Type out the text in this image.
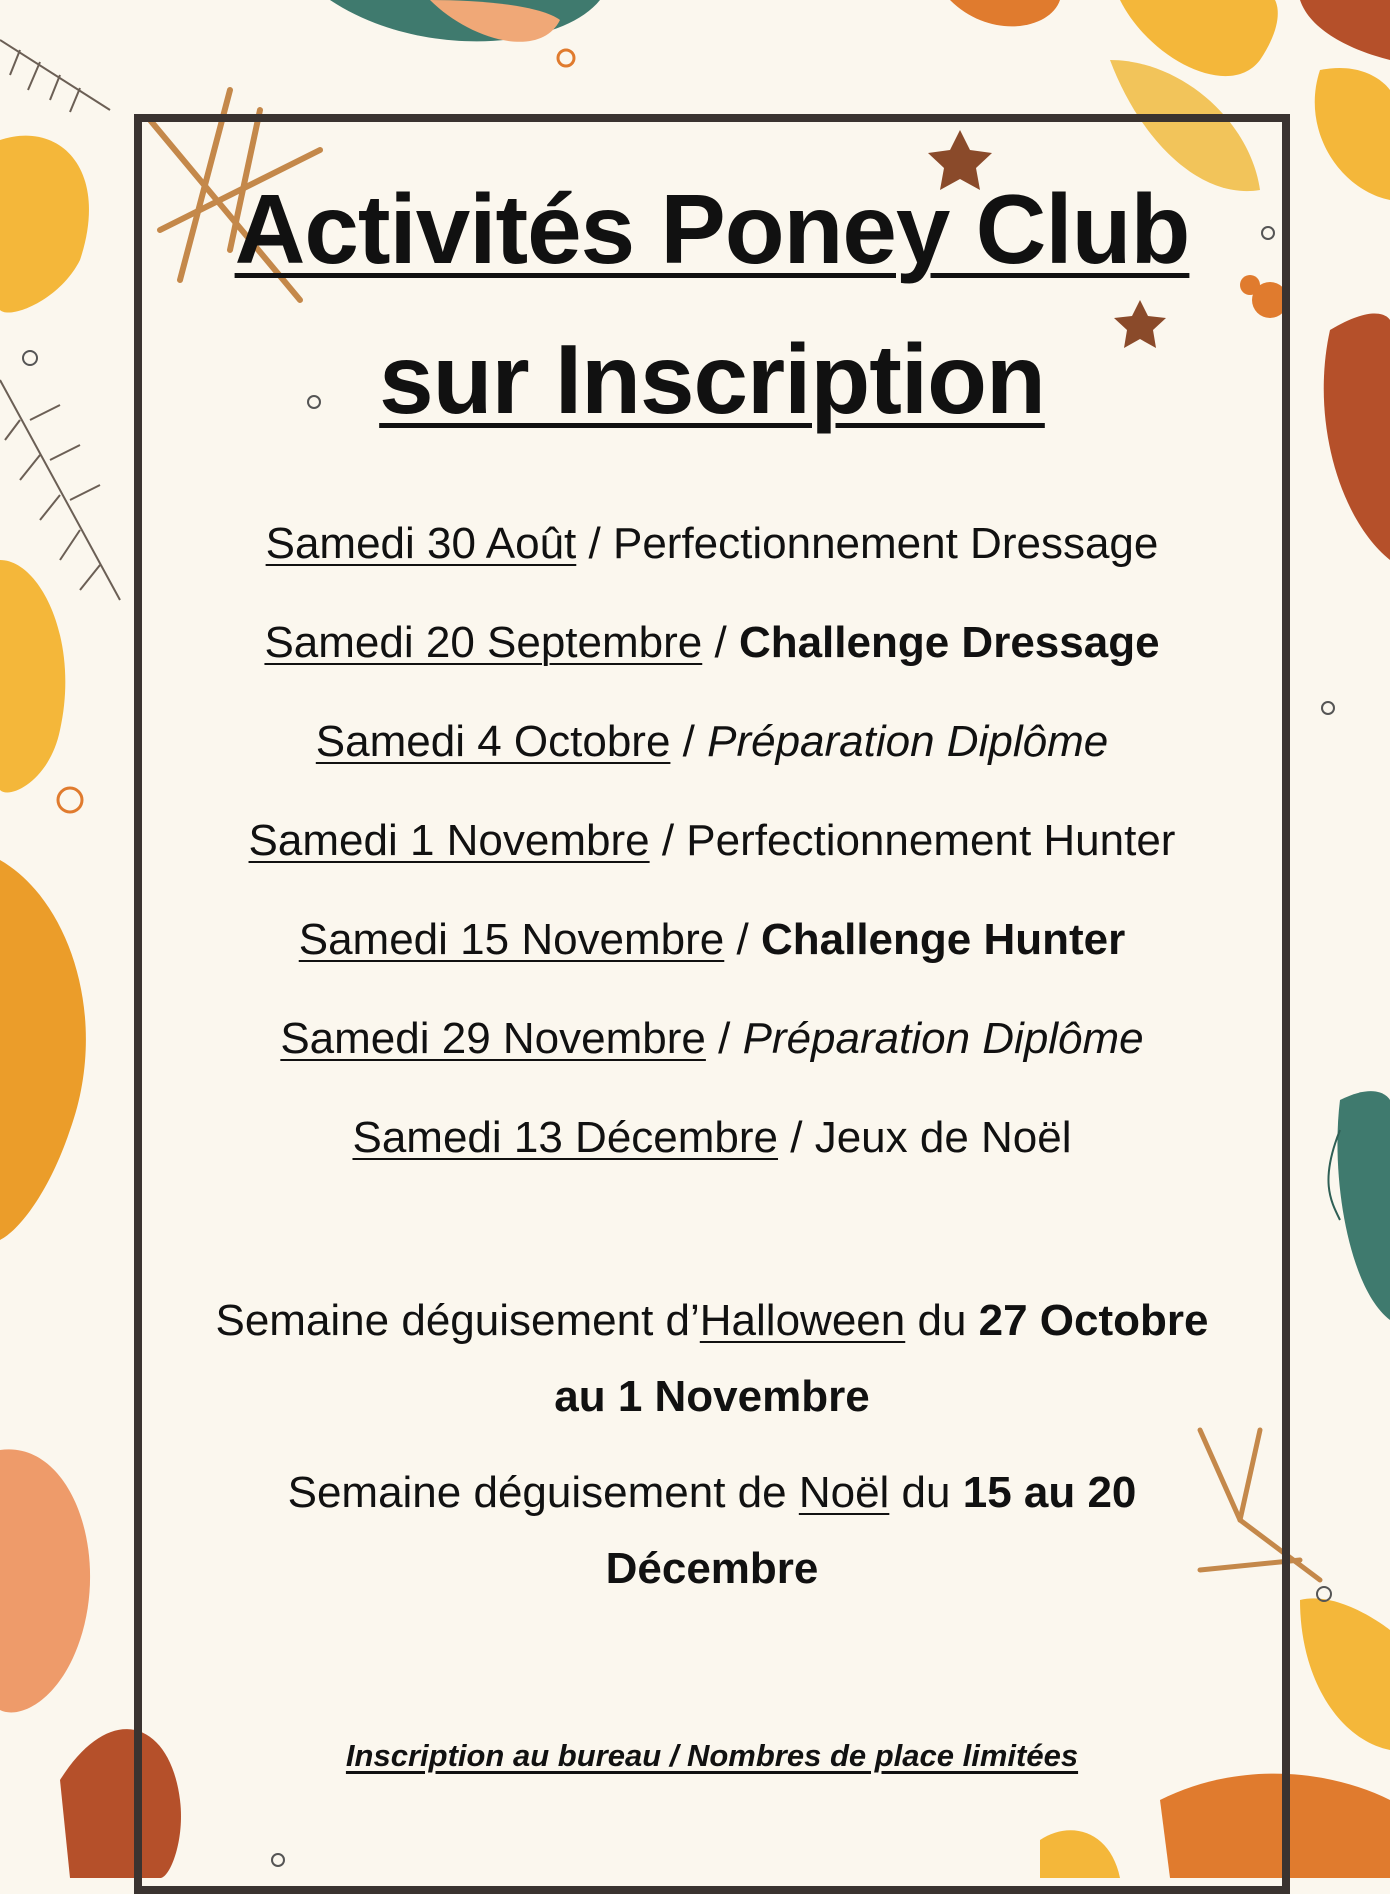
Activités Poney Club
sur Inscription
Samedi 30 Août / Perfectionnement Dressage
Samedi 20 Septembre / Challenge Dressage
Samedi 4 Octobre / Préparation Diplôme
Samedi 1 Novembre / Perfectionnement Hunter
Samedi 15 Novembre / Challenge Hunter
Samedi 29 Novembre / Préparation Diplôme
Samedi 13 Décembre / Jeux de Noël
Semaine déguisement d’Halloween du 27 Octobre
au 1 Novembre
Semaine déguisement de Noël du 15 au 20
Décembre
Inscription au bureau / Nombres de place limitées
